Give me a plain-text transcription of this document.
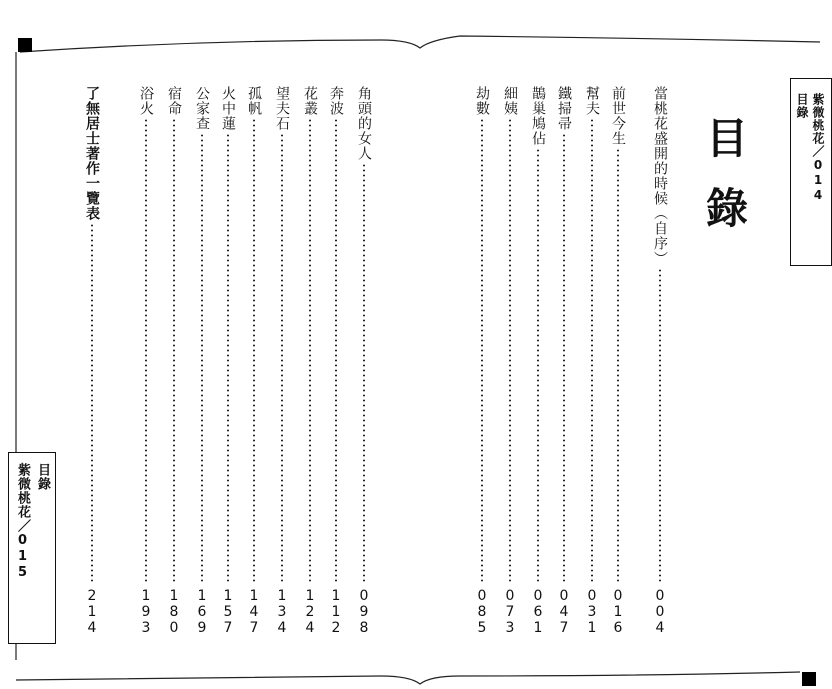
紫微桃花／015 目錄
目錄 紫微桃花／014
目
錄
當桃花盛開的時候（自序）
004
前世今生
016
幫夫
031
鐵掃帚
047
鵲巢鳩佔
061
細姨
073
劫數
085
角頭的女人
098
奔波
112
花叢
124
望夫石
134
孤帆
147
火中蓮
157
公家查
169
宿命
180
浴火
193
了無居士著作一覽表
214
